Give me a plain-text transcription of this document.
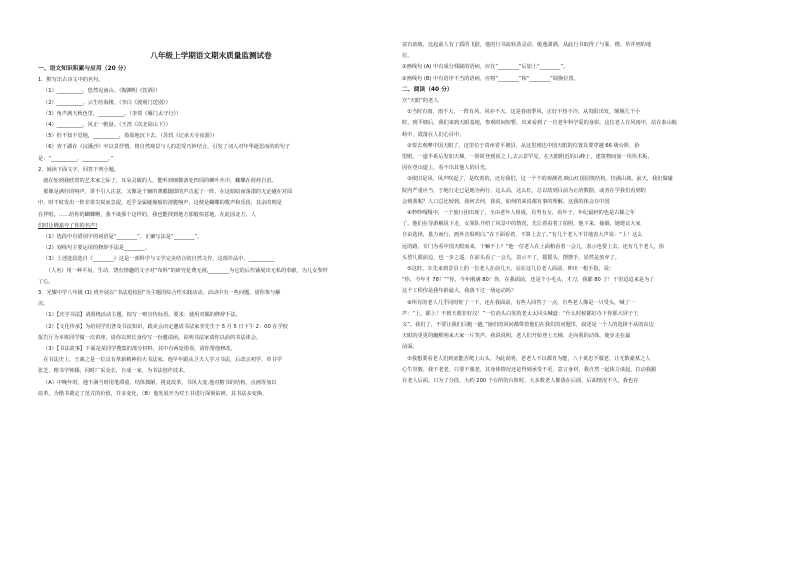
八年级上学期语文期末质量监测试卷
一、语文知识积累与应用（20 分）
1．默写出古诗文中的名句。
（1）__________，悠然见南山。（陶渊明《饮酒》）
（2）__________，云生结海楼。（李白《渡荆门送别》）
（3）角声满天秋色里，__________。（李贺《雁门太守行》）
（4）__________，风正一帆悬。（王湾《次北固山下》）
（5）但不知不觉地，__________，盈盈地沉下去。（苏轼《记承天寺夜游》）
（6）查干湖在《浣溪沙》中以景抒情，将自然观景与人的思受巧妙结合，引发了词人对年华逝思而的的句子
是：“__________，__________。”
2．阅读下面文字，回答下列小题。
　就在轮到我欣赏的艺术家之际了，耳朵灵敏的人，能听到细微备处四周的蝉叶丛中，蝴蝶在荷荷自语。
　那像是满径的响声，讲不引人注意，又像是千辅的薄膜随即的声音起了一阵。在这暗暗而荡漾的无论碰在对面
中，时不时发出一阵非常尖锐而急促，近乎金属碰撞般的清脆响声，这便是蝴蝶的歌声和乐段，其余的则是
在伴唱。……给你的蝴蝶啊，我不谈那个这样的，我也能找到地方那般快意地，在此园北方，人
们时让蝉嘉夸了你的名声!
（1）选段中有错别字的词语是“________”，正确写法是“________”。
（2）划线句主要运用的修辞手法是________。
（3）上述选段选自《________》这是一部科学与文学完美结合的自然文作。这部作品中，__________
　　（人名）用一种平易、生动、饶有情趣的文字对“布料”的研究花费无视,________为它的后代铺展出无私的奉献，为儿女参拜
了心。
3．光耀中学八年级 (1) 班开展以“书法进校园”为主题的综合性实践活动。活动中有一些问题，请你参与解
决。
（1）【庆学书法】请围绕活动主题，拟写一则宣传标语。要求：使用对偶的修辞手法。
（2）【文化传承】为给同学们普及书法知识，践美会决定邀请书法家李先生于 5 月 5 日下午 2：00 在学校
报告厅为本班同学做一次讲座，请你以班长身份写一份邀请函。说明书法家请你以前的书法体会。
（3）【书法故事】下面是某同学搜集的部分材料，其中有两处错误，请你帮他修改。
　在书法史上，王羲之是一位具有革新精神的大书法家。他早年跟从卫夫人学习书法，后改宗初学，草书学
张芝，楷书学钟繇，同时广采众长，自成一家，为书法创作技术。
（A）中晚年时，他不满当时用笔滞重、结体拙陋，挑竟改革，书风大变,他对楷书的结构、点画等加以
改革，为楷书奠定了范式的价值，并多变化，（B）他发展开为对王书进行深刻钻研，其书法多变换、
富有韵致，比起前人有了质的飞跃，他的行书流转劲灵动、俊逸潇洒，从此行书取得了与篆、楷、草并列的地
位。
①画线句 (A) 中有成分残缺的语病，应在“________”后加上“________”。
②画线句 (B) 中有语序不当的语病，应将“________”和“________”调换位置。
二、阅读（40 分）
宫“天眼”的老人
　①当时有雨，雨不大，一阵有风，风亦不大。这是春雨季风，正好不热不冷。从贵阳出发，颠颠几个小
时，到平塘后，我们来到天眼基地，参观时间短暂，出来看到了一位老年科学爱的身影。这位老人在风雨中，站在泰山般
峙中，霞落在人们心目中。
　②要去观摩中国天眼了。这里位于贵州省平塘县，从这里到达中国天眼的位置具要穿越 66 级台阶，抬
望眼，一道半系后发如天梯，一阶阶登到顶之上,去云景罕见。在天眼附近的山峰上，建筑物间加一块块木板，
因在登山道上，看不出其他人的目光。
　③依旧是风，风声吹起了，是吹着的，还有我们，这一个个的观测者,映山红国园筑结构，挂满山坡。前天，我们做碰
院内严重应当，于地行走已是她为两行，这么高，这么红，总以幼到目前为止的数据，或者在学我们看到的
会到我呢？人口总比较到。我何去何，我说，如何的来说都有事的理解。这我的体会在中国
　④秒吵嘎嘎中，一个旅行团出现了，全由老年人组成，有男有女，看年子，年纪最轻的也是古稀之年
了。他们在导游解说下走，女领队介绍了风景中的情况，先让着看着了拍照，他下来，抽烟，她建议大家
自由选择，量力而行，画外音俱明白,“在下面看着，不算上去了。”有几个老人不甘地表大声说：“上！这么
远的路，专门为看中国天眼而来，干嘛不上？”他一位老人在上面稍看着一会儿，表示也要上去，还有几个老人，抬
头望几眼前边，也一步之遥，在前头看了一会儿，表示不了，摇摇头，摆摆手，显然是放弃了。
　⑤这时，车先来到景县上的一位老人在前几天，站在这几位老人面前，伸出一根手指，说：
“你，今年才 78！”“你，今年刚满 80！你，在我面前，还是个小毛头，才刀，我都 80 了！干里迢迢来是为了
这个工程你是我年龄最大，我落下过一场运动吗？
　⑥所有的老人几乎同时怔了一下，还在我面前，有些人回答了一点，有些老人像是一只受头，喊了一
声：“上，都上！不到天眼非好汉！”一位消头白发的老太太回头喊道：“什么时候都好办下你那大屏子王
义”。我们了，不要让我们白跑一趟。”她们的回问都带着他们在我们的问题里，叙述是一个人的选择不从的东边
天眼的更更的幽默明来大家一片笑声，我说说明，老人们开始登上天梯，走向我的动体，使步走在最
前面。
　⑦我想要看老人们到底能否爬上山头。为此说明，老老人不以都肯为能，八十黄忠不服老，让无数豪墓之人
心生崇敬。我不老老，只要不服老，其身体情况还是得到承受不更，意言身材，我自然一起体力谈起，拉动我跟
在老人后面，只为了分段，大约 200 个台阶的台阶时，大多数老人都落在后面，后面情况不久，我也在
